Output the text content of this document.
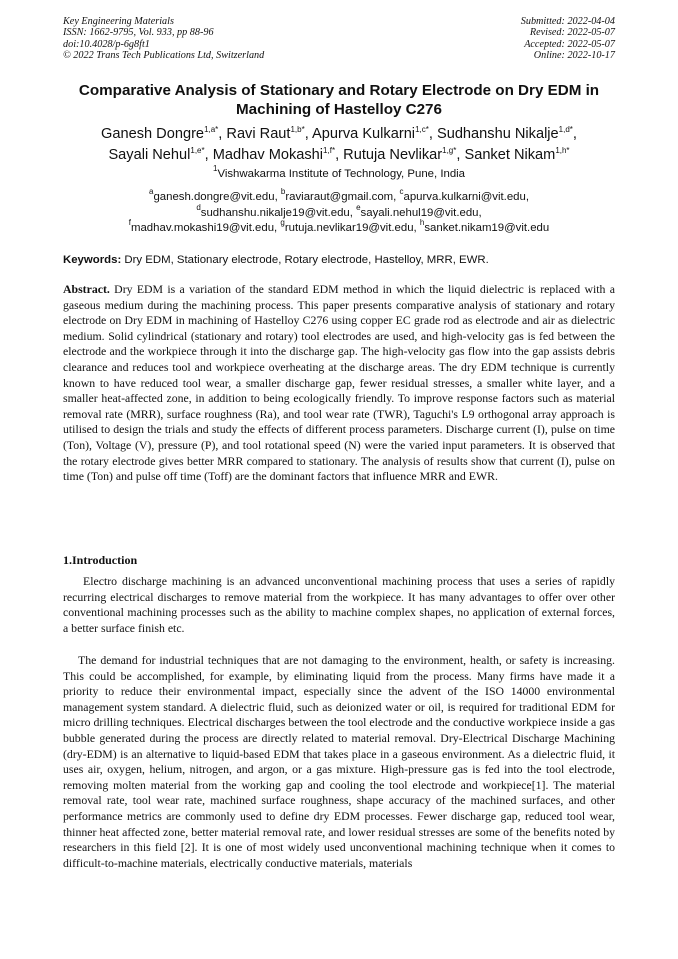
Key Engineering Materials
ISSN: 1662-9795, Vol. 933, pp 88-96
doi:10.4028/p-6g8ft1
© 2022 Trans Tech Publications Ltd, Switzerland
Submitted: 2022-04-04
Revised: 2022-05-07
Accepted: 2022-05-07
Online: 2022-10-17
Comparative Analysis of Stationary and Rotary Electrode on Dry EDM in Machining of Hastelloy C276
Ganesh Dongre$^{1,a*}$, Ravi Raut$^{1,b*}$, Apurva Kulkarni$^{1,c*}$, Sudhanshu Nikalje$^{1,d*}$,
Sayali Nehul$^{1,e*}$, Madhav Mokashi$^{1,f*}$, Rutuja Nevlikar$^{1,g*}$, Sanket Nikam$^{1,h*}$
$^1$Vishwakarma Institute of Technology, Pune, India
$^a$ganesh.dongre@vit.edu, $^b$raviaraut@gmail.com, $^c$apurva.kulkarni@vit.edu,
$^d$sudhanshu.nikalje19@vit.edu, $^e$sayali.nehul19@vit.edu,
$^f$madhav.mokashi19@vit.edu, $^g$rutuja.nevlikar19@vit.edu, $^h$sanket.nikam19@vit.edu
Keywords: Dry EDM, Stationary electrode, Rotary electrode, Hastelloy, MRR, EWR.
Abstract. Dry EDM is a variation of the standard EDM method in which the liquid dielectric is replaced with a gaseous medium during the machining process. This paper presents comparative analysis of stationary and rotary electrode on Dry EDM in machining of Hastelloy C276 using copper EC grade rod as electrode and air as dielectric medium. Solid cylindrical (stationary and rotary) tool electrodes are used, and high-velocity gas is fed between the electrode and the workpiece through it into the discharge gap. The high-velocity gas flow into the gap assists debris clearance and reduces tool and workpiece overheating at the discharge areas. The dry EDM technique is currently known to have reduced tool wear, a smaller discharge gap, fewer residual stresses, a smaller white layer, and a smaller heat-affected zone, in addition to being ecologically friendly. To improve response factors such as material removal rate (MRR), surface roughness (Ra), and tool wear rate (TWR), Taguchi's L9 orthogonal array approach is utilised to design the trials and study the effects of different process parameters. Discharge current (I), pulse on time (Ton), Voltage (V), pressure (P), and tool rotational speed (N) were the varied input parameters. It is observed that the rotary electrode gives better MRR compared to stationary. The analysis of results show that current (I), pulse on time (Ton) and pulse off time (Toff) are the dominant factors that influence MRR and EWR.
1.Introduction
Electro discharge machining is an advanced unconventional machining process that uses a series of rapidly recurring electrical discharges to remove material from the workpiece. It has many advantages to offer over other conventional machining processes such as the ability to machine complex shapes, no application of external forces, a better surface finish etc.
The demand for industrial techniques that are not damaging to the environment, health, or safety is increasing. This could be accomplished, for example, by eliminating liquid from the process. Many firms have made it a priority to reduce their environmental impact, especially since the advent of the ISO 14000 environmental management system standard. A dielectric fluid, such as deionized water or oil, is required for traditional EDM for micro drilling techniques. Electrical discharges between the tool electrode and the conductive workpiece inside a gas bubble generated during the process are directly related to material removal. Dry-Electrical Discharge Machining (dry-EDM) is an alternative to liquid-based EDM that takes place in a gaseous environment. As a dielectric fluid, it uses air, oxygen, helium, nitrogen, and argon, or a gas mixture. High-pressure gas is fed into the tool electrode, removing molten material from the working gap and cooling the tool electrode and workpiece[1]. The material removal rate, tool wear rate, machined surface roughness, shape accuracy of the machined surfaces, and other performance metrics are commonly used to define dry EDM processes. Fewer discharge gap, reduced tool wear, thinner heat affected zone, better material removal rate, and lower residual stresses are some of the benefits noted by researchers in this field [2]. It is one of most widely used unconventional machining technique when it comes to difficult-to-machine materials, electrically conductive materials, materials
